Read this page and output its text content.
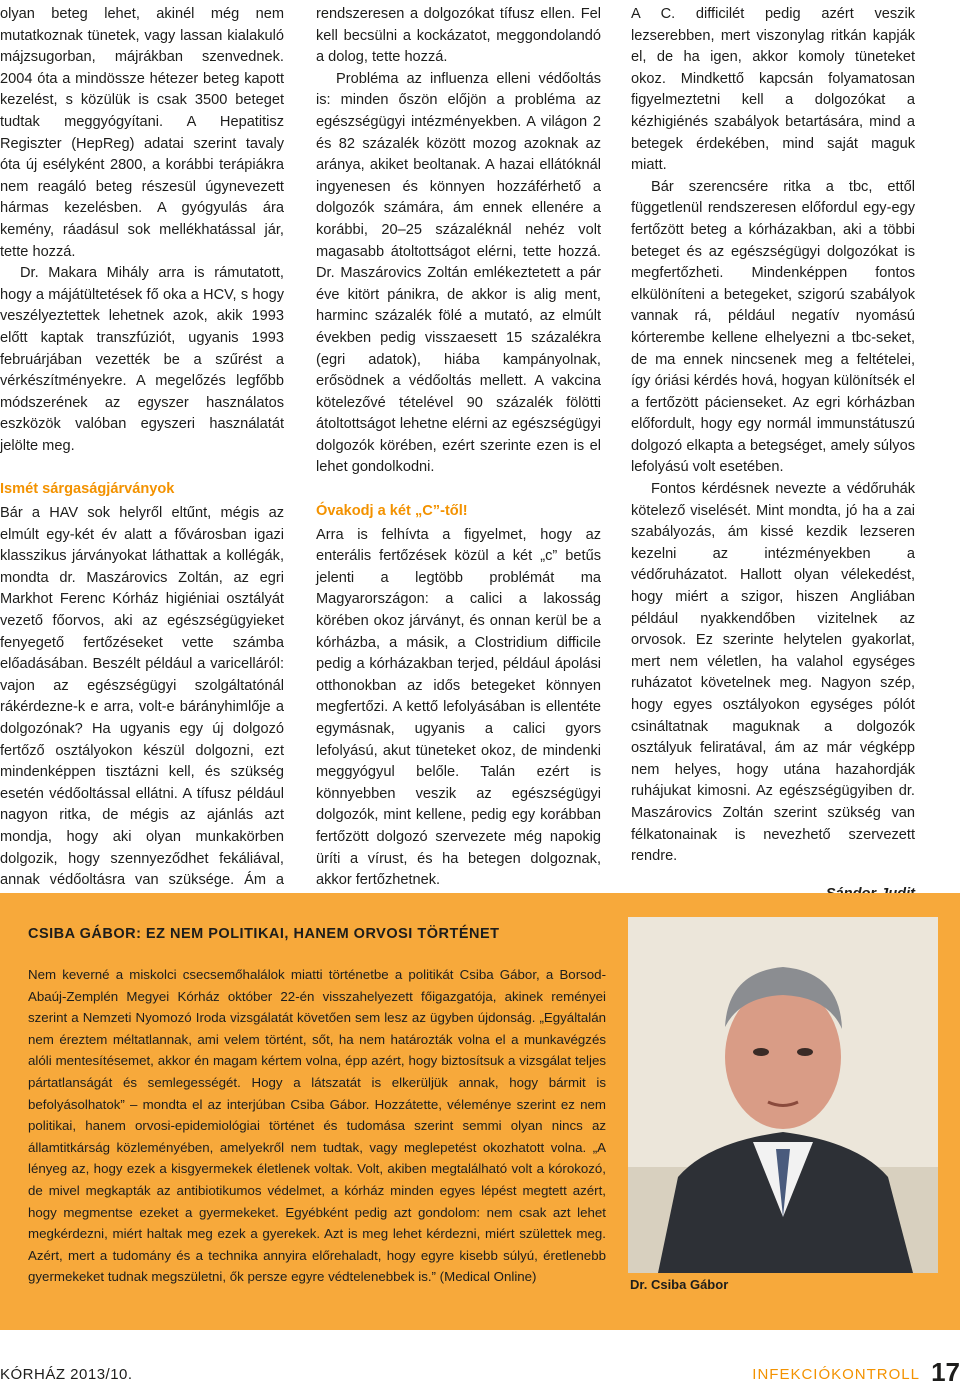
olyan beteg lehet, akinél még nem mutatkoznak tünetek, vagy lassan kialakuló májzsugorban, májrákban szenvednek. 2004 óta a mindössze hétezer beteg kapott kezelést, s közülük is csak 3500 beteget tudtak meggyógyítani. A Hepatitisz Regiszter (HepReg) adatai szerint tavaly óta új esélyként 2800, a korábbi terápiákra nem reagáló beteg részesül úgynevezett hármas kezelésben. A gyógyulás ára kemény, ráadásul sok mellékhatással jár, tette hozzá.

Dr. Makara Mihály arra is rámutatott, hogy a májátültetések fő oka a HCV, s hogy veszélyeztettek lehetnek azok, akik 1993 előtt kaptak transzfúziót, ugyanis 1993 februárjában vezették be a szűrést a vérkészítményekre. A megelőzés legfőbb módszerének az egyszer használatos eszközök valóban egyszeri használatát jelölte meg.

Ismét sárgaságjárványok

Bár a HAV sok helyről eltűnt, mégis az elmúlt egy-két év alatt a fővárosban igazi klasszikus járványokat láthattak a kollégák, mondta dr. Maszárovics Zoltán, az egri Markhot Ferenc Kórház higiéniai osztályát vezető főorvos, aki az egészségügyieket fenyegető fertőzéseket vette számba előadásában. Beszélt például a varicelláról: vajon az egészségügyi szolgáltatónál rákérdezne-k e arra, volt-e bárányhimlője a dolgozónak? Ha ugyanis egy új dolgozó fertőző osztályokon készül dolgozni, ezt mindenképpen tisztázni kell, és szükség esetén védőoltással ellátni. A tífusz például nagyon ritka, de mégis az ajánlás azt mondja, hogy aki olyan munkakörben dolgozik, hogy szennyeződhet fekáliával, annak védőoltásra van szüksége. Ám a

rendszeresen a dolgozókat tífusz ellen. Fel kell becsülni a kockázatot, meggondolandó a dolog, tette hozzá.

Probléma az influenza elleni védőoltás is: minden őszön előjön a probléma az egészségügyi intézményekben. A világon 2 és 82 százalék között mozog azoknak az aránya, akiket beoltanak. A hazai ellátóknál ingyenesen és könnyen hozzáférhető a dolgozók számára, ám ennek ellenére a korábbi, 20–25 százaléknál nehéz volt magasabb átoltottságot elérni, tette hozzá. Dr. Maszárovics Zoltán emlékeztetett a pár éve kitört pánikra, de akkor is alig ment, harminc százalék fölé a mutató, az elmúlt években pedig visszaesett 15 százalékra (egri adatok), hiába kampányolnak, erősödnek a védőoltás mellett. A vakcina kötelezővé tételével 90 százalék fölötti átoltottságot lehetne elérni az egészségügyi dolgozók körében, ezért szerinte ezen is el lehet gondolkodni.

Óvakodj a két „C”-től!

Arra is felhívta a figyelmet, hogy az enterális fertőzések közül a két „c” betűs jelenti a legtöbb problémát ma Magyarországon: a calici a lakosság körében okoz járványt, és onnan kerül be a kórházba, a másik, a Clostridium difficile pedig a kórházakban terjed, például ápolási otthonokban az idős betegeket könnyen megfertőzi. A kettő lefolyásában is ellentéte egymásnak, ugyanis a calici gyors lefolyású, akut tüneteket okoz, de mindenki meggyógyul belőle. Talán ezért is könnyebben veszik az egészségügyi dolgozók, mint kellene, pedig egy korábban fertőzött dolgozó szervezete még napokig üríti a vírust, és ha betegen dolgoznak, akkor fertőzhetnek.

A C. difficilét pedig azért veszik lezserebben, mert viszonylag ritkán kapják el, de ha igen, akkor komoly tüneteket okoz. Mindkettő kapcsán folyamatosan figyelmeztetni kell a dolgozókat a kézhigiénés szabályok betartására, mind a betegek érdekében, mind saját maguk miatt.

Bár szerencsére ritka a tbc, ettől függetlenül rendszeresen előfordul egy-egy fertőzött beteg a kórházakban, aki a többi beteget és az egészségügyi dolgozókat is megfertőzheti. Mindenképpen fontos elkülöníteni a betegeket, szigorú szabályok vannak rá, például negatív nyomású kórterembe kellene elhelyezni a tbc-seket, de ma ennek nincsenek meg a feltételei, így óriási kérdés hová, hogyan különítsék el a fertőzött pácienseket. Az egri kórházban előfordult, hogy egy normál immunstátuszú dolgozó elkapta a betegséget, amely súlyos lefolyású volt esetében.

Fontos kérdésnek nevezte a védőruhák kötelező viselését. Mint mondta, jó ha a zai szabályozás, ám kissé kezdik lezseren kezelni az intézményekben a védőruházatot. Hallott olyan vélekedést, hogy miért a szigor, hiszen Angliában például nyakkendőben vizitelnek az orvosok. Ez szerinte helytelen gyakorlat, mert nem véletlen, ha valahol egységes ruházatot követelnek meg. Nagyon szép, hogy egyes osztályokon egységes pólót csináltatnak maguknak a dolgozók osztályuk feliratával, ám az már végképp nem helyes, hogy utána hazahordják ruhájukat kimosni. Az egészségügyiben dr. Maszárovics Zoltán szerint szükség van félkatonainak is nevezhető szervezett rendre.

CSIBA GÁBOR: EZ NEM POLITIKAI, HANEM ORVOSI TÖRTÉNET
Nem keverné a miskolci csecsemőhalálok miatti történetbe a politikát Csiba Gábor, a Borsod-Abaúj-Zemplén Megyei Kórház október 22-én visszahelyezett főigazgatója, akinek reményei szerint a Nemzeti Nyomozó Iroda vizsgálatát követően sem lesz az ügyben újdonság. „Egyáltalán nem éreztem méltatlannak, ami velem történt, sőt, ha nem határozták volna el a munkavégzés alóli mentesítésemet, akkor én magam kértem volna, épp azért, hogy biztosítsuk a vizsgálat teljes pártatlanságát és semlegességét. Hogy a látszatát is elkerüljük annak, hogy bármit is befolyásolhatok” – mondta el az interjúban Csiba Gábor. Hozzátette, véleménye szerint ez nem politikai, hanem orvosi-epidemiológiai történet és tudomása szerint semmi olyan nincs az államtitkárság közleményében, amelyekről nem tudtak, vagy meglepetést okozhatott volna. „A lényeg az, hogy ezek a kisgyermekek életlenek voltak. Volt, akiben megtalálható volt a kórokozó, de mivel megkapták az antibiotikumos védelmet, a kórház minden egyes lépést megtett azért, hogy megmentse ezeket a gyermekeket. Egyébként pedig azt gondolom: nem csak azt lehet megkérdezni, miért haltak meg ezek a gyerekek. Azt is meg lehet kérdezni, miért születtek meg. Azért, mert a tudomány és a technika annyira előrehaladt, hogy egyre kisebb súlyú, éretlenebb gyermekeket tudnak megszületni, ők persze egyre védtelenebbek is.” (Medical Online)
Dr. Csiba Gábor
KÓRHÁZ 2013/10.	INFEKCIÓKONTROLL 17
